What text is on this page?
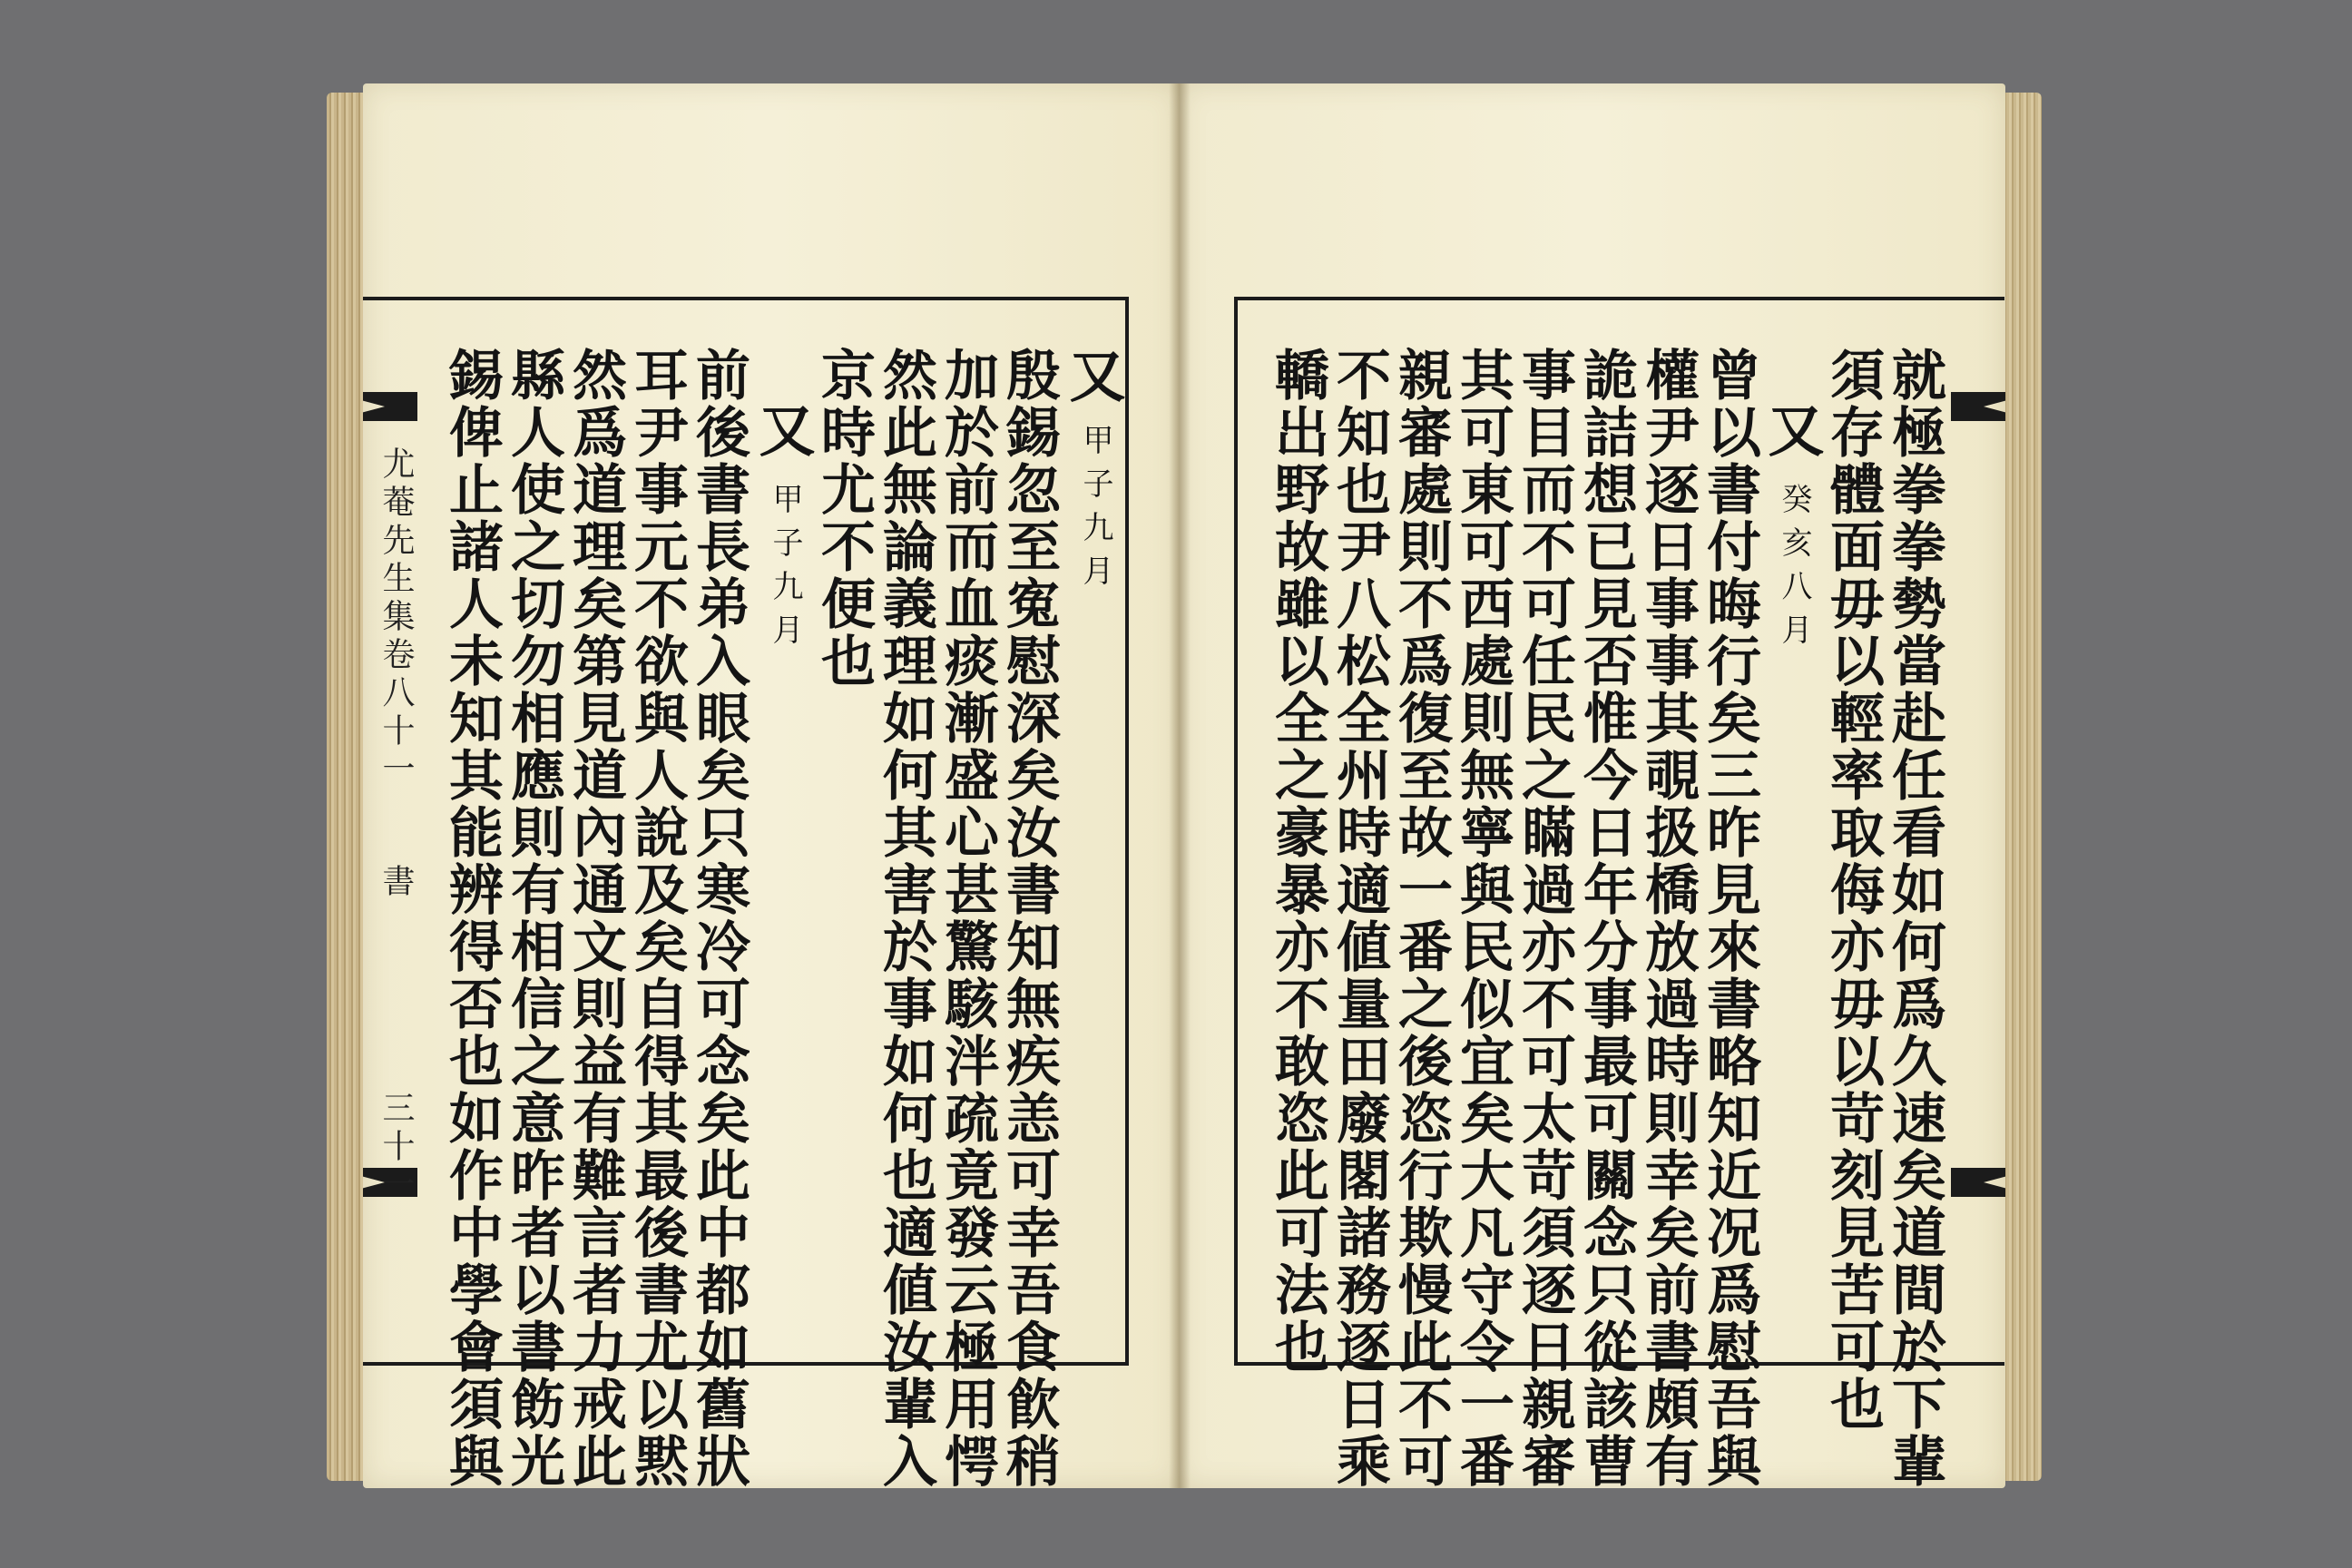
尤菴先生集卷八十一
書
三十一
又
甲子九月
殷錫忽至寃慰深矣汝書知無疾恙可幸吾食飮稍
加於前而血痰漸盛心甚驚駭泮疏竟發云極用愕
然此無論義理如何其害於事如何也適値汝輩入
京時尤不便也
又
甲子九月
前後書長弟入眼矣只寒冷可念矣此中都如舊狀
耳尹事元不欲與人說及矣自得其最後書尤以黙
然爲道理矣第見道內通文則益有難言者力戒此
縣人使之切勿相應則有相信之意昨者以書飭光
錫俾止諸人未知其能辨得否也如作中學會須與	就極拳拳勢當赴任看如何爲久速矣道間於下輩
須存體面毋以輕率取侮亦毋以苛刻見苦可也
又
癸亥八月
曾以書付晦行矣三昨見來書略知近况爲慰吾與
權尹逐日事事其覗扱橋放過時則幸矣前書頗有
詭詰想已見否惟今日年分事最可關念只從該曹
事目而不可任民之瞞過亦不可太苛須逐日親審
其可東可西處則無寧與民似宜矣大凡守令一番
親審處則不爲復至故一番之後恣行欺慢此不可
不知也尹八松全州時適値量田廢閣諸務逐日乘
轎出野故雖以全之豪暴亦不敢恣此可法也
